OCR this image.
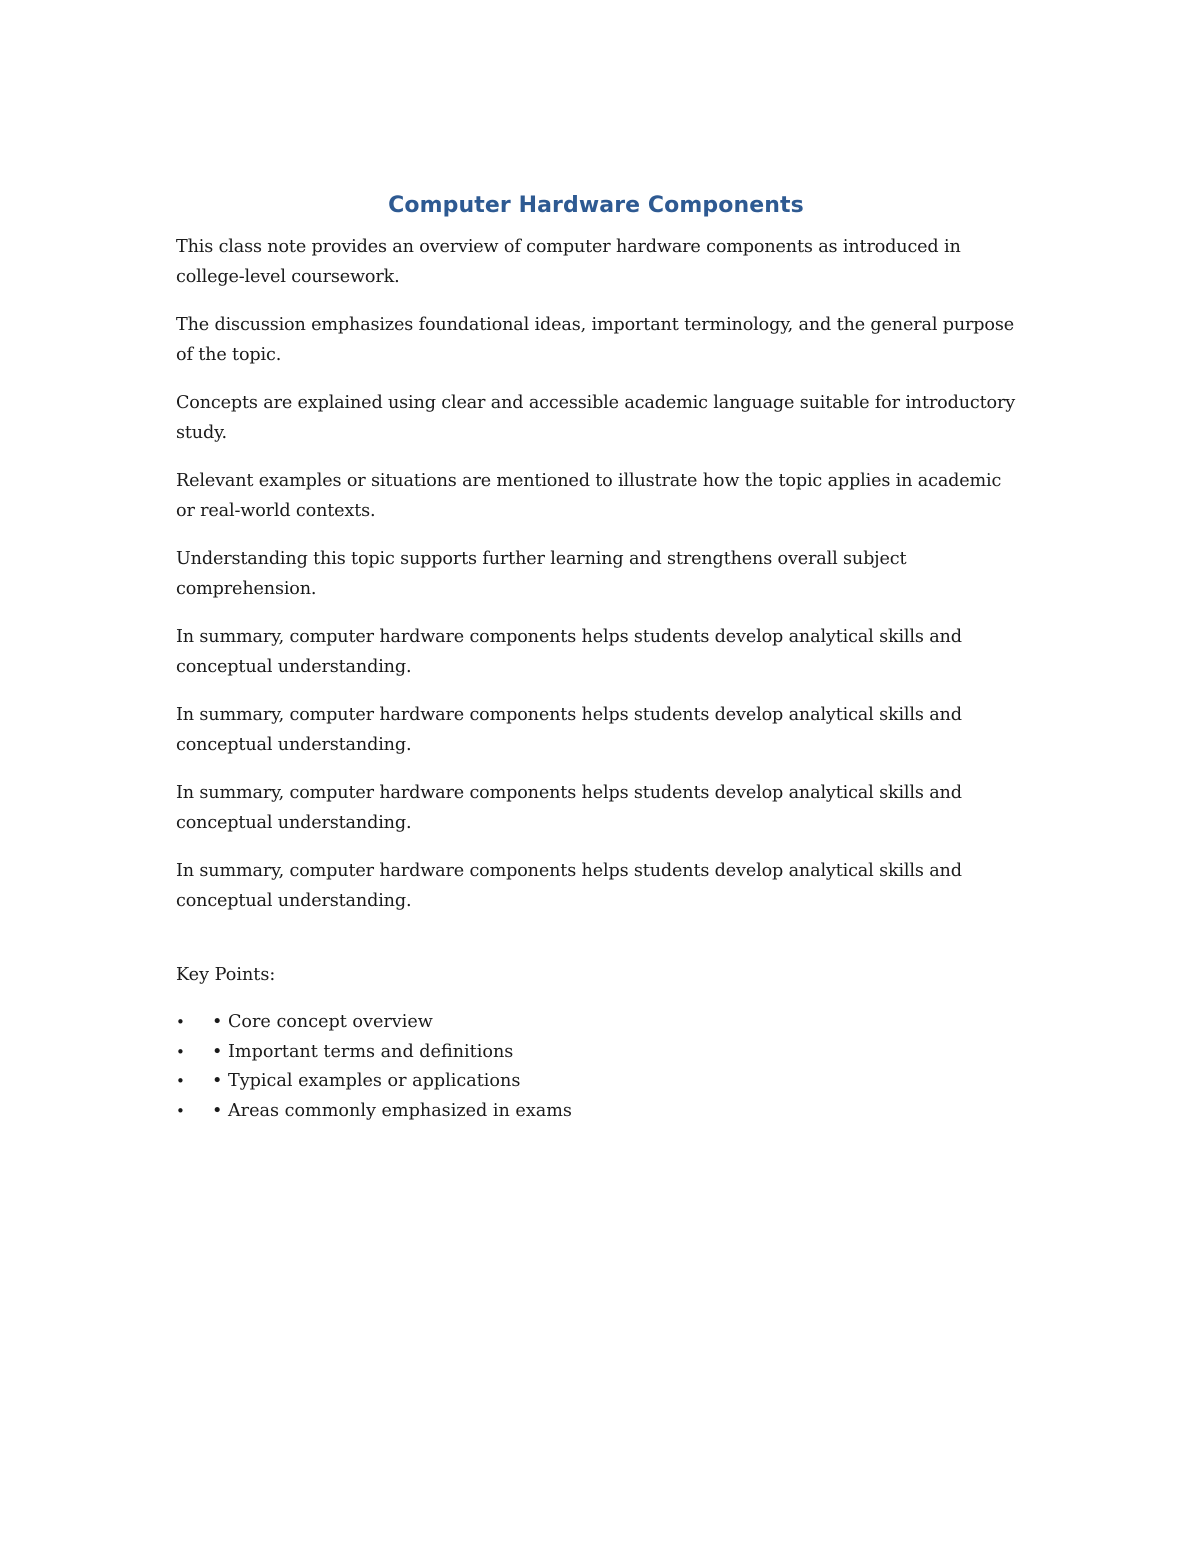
Computer Hardware Components

This class note provides an overview of computer hardware components as introduced in college-level coursework.

The discussion emphasizes foundational ideas, important terminology, and the general purpose of the topic.

Concepts are explained using clear and accessible academic language suitable for introductory study.

Relevant examples or situations are mentioned to illustrate how the topic applies in academic or real-world contexts.

Understanding this topic supports further learning and strengthens overall subject comprehension.

In summary, computer hardware components helps students develop analytical skills and conceptual understanding.

In summary, computer hardware components helps students develop analytical skills and conceptual understanding.

In summary, computer hardware components helps students develop analytical skills and conceptual understanding.

In summary, computer hardware components helps students develop analytical skills and conceptual understanding.

Key Points:

• • Core concept overview
• • Important terms and definitions
• • Typical examples or applications
• • Areas commonly emphasized in exams
